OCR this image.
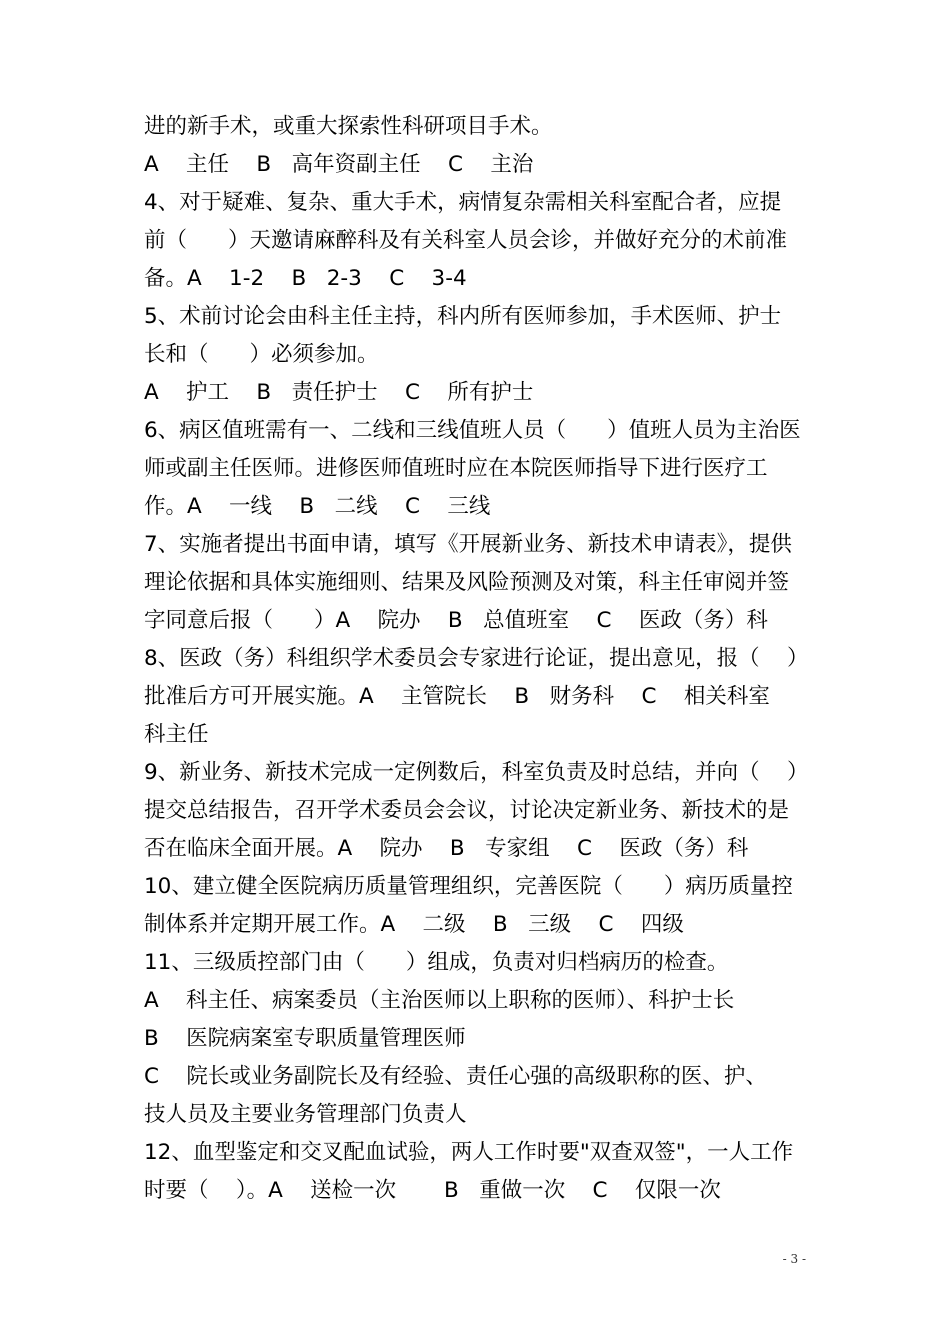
进的新手术，或重大探索性科研项目手术。
A    主任    B   高年资副主任    C    主治
4、对于疑难、复杂、重大手术，病情复杂需相关科室配合者，应提
前（      ）天邀请麻醉科及有关科室人员会诊，并做好充分的术前准
备。A    1-2    B   2-3    C    3-4
5、术前讨论会由科主任主持，科内所有医师参加，手术医师、护士
长和（      ）必须参加。
A    护工    B   责任护士    C    所有护士
6、病区值班需有一、二线和三线值班人员（      ）值班人员为主治医
师或副主任医师。进修医师值班时应在本院医师指导下进行医疗工
作。A    一线    B   二线    C    三线
7、实施者提出书面申请，填写《开展新业务、新技术申请表》，提供
理论依据和具体实施细则、结果及风险预测及对策，科主任审阅并签
字同意后报（      ）A    院办    B   总值班室    C    医政（务）科
8、医政（务）科组织学术委员会专家进行论证，提出意见，报（    ）
批准后方可开展实施。A    主管院长    B   财务科    C    相关科室
科主任
9、新业务、新技术完成一定例数后，科室负责及时总结，并向（    ）
提交总结报告，召开学术委员会会议，讨论决定新业务、新技术的是
否在临床全面开展。A    院办    B   专家组    C    医政（务）科
10、建立健全医院病历质量管理组织，完善医院（      ）病历质量控
制体系并定期开展工作。A    二级    B   三级    C    四级
11、三级质控部门由（      ）组成，负责对归档病历的检查。
A    科主任、病案委员（主治医师以上职称的医师）、科护士长
B    医院病案室专职质量管理医师
C    院长或业务副院长及有经验、责任心强的高级职称的医、护、
技人员及主要业务管理部门负责人
12、血型鉴定和交叉配血试验，两人工作时要"双查双签"，一人工作
时要（    ）。A    送检一次       B   重做一次    C    仅限一次
- 3 -
